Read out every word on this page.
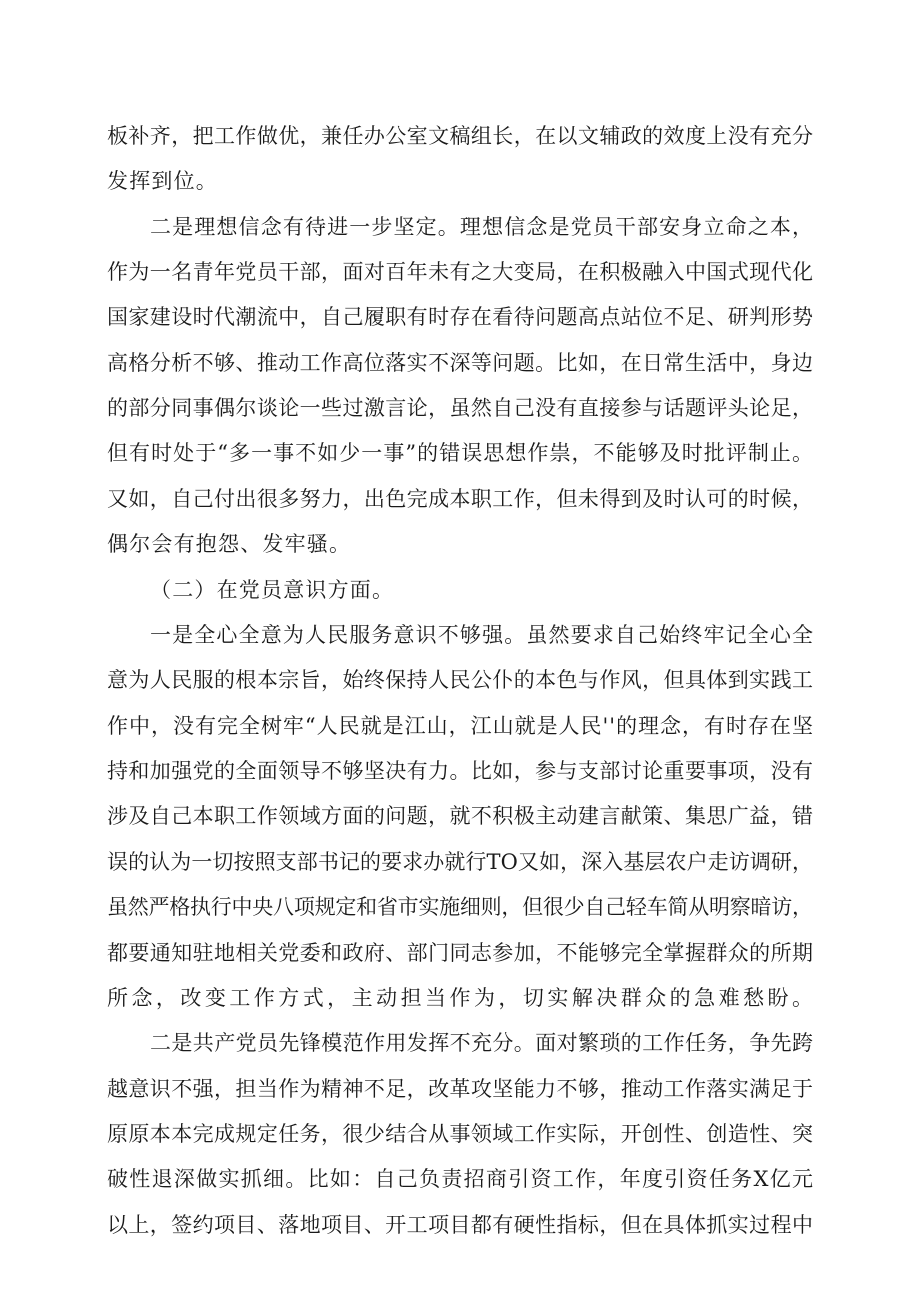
板补齐，把工作做优，兼任办公室文稿组长，在以文辅政的效度上没有充分
发挥到位。
二是理想信念有待进一步坚定。理想信念是党员干部安身立命之本，
作为一名青年党员干部，面对百年未有之大变局，在积极融入中国式现代化
国家建设时代潮流中，自己履职有时存在看待问题高点站位不足、研判形势
高格分析不够、推动工作高位落实不深等问题。比如，在日常生活中，身边
的部分同事偶尔谈论一些过激言论，虽然自己没有直接参与话题评头论足，
但有时处于“多一事不如少一事”的错误思想作祟，不能够及时批评制止。
又如，自己付出很多努力，出色完成本职工作，但未得到及时认可的时候，
偶尔会有抱怨、发牢骚。
（二）在党员意识方面。
一是全心全意为人民服务意识不够强。虽然要求自己始终牢记全心全
意为人民服的根本宗旨，始终保持人民公仆的本色与作风，但具体到实践工
作中，没有完全树牢“人民就是江山，江山就是人民''的理念，有时存在坚
持和加强党的全面领导不够坚决有力。比如，参与支部讨论重要事项，没有
涉及自己本职工作领域方面的问题，就不积极主动建言献策、集思广益，错
误的认为一切按照支部书记的要求办就行TO又如，深入基层农户走访调研，
虽然严格执行中央八项规定和省市实施细则，但很少自己轻车简从明察暗访，
都要通知驻地相关党委和政府、部门同志参加，不能够完全掌握群众的所期
所念，改变工作方式，主动担当作为，切实解决群众的急难愁盼。
二是共产党员先锋模范作用发挥不充分。面对繁琐的工作任务，争先跨
越意识不强，担当作为精神不足，改革攻坚能力不够，推动工作落实满足于
原原本本完成规定任务，很少结合从事领域工作实际，开创性、创造性、突
破性退深做实抓细。比如：自己负责招商引资工作，年度引资任务X亿元
以上，签约项目、落地项目、开工项目都有硬性指标，但在具体抓实过程中
